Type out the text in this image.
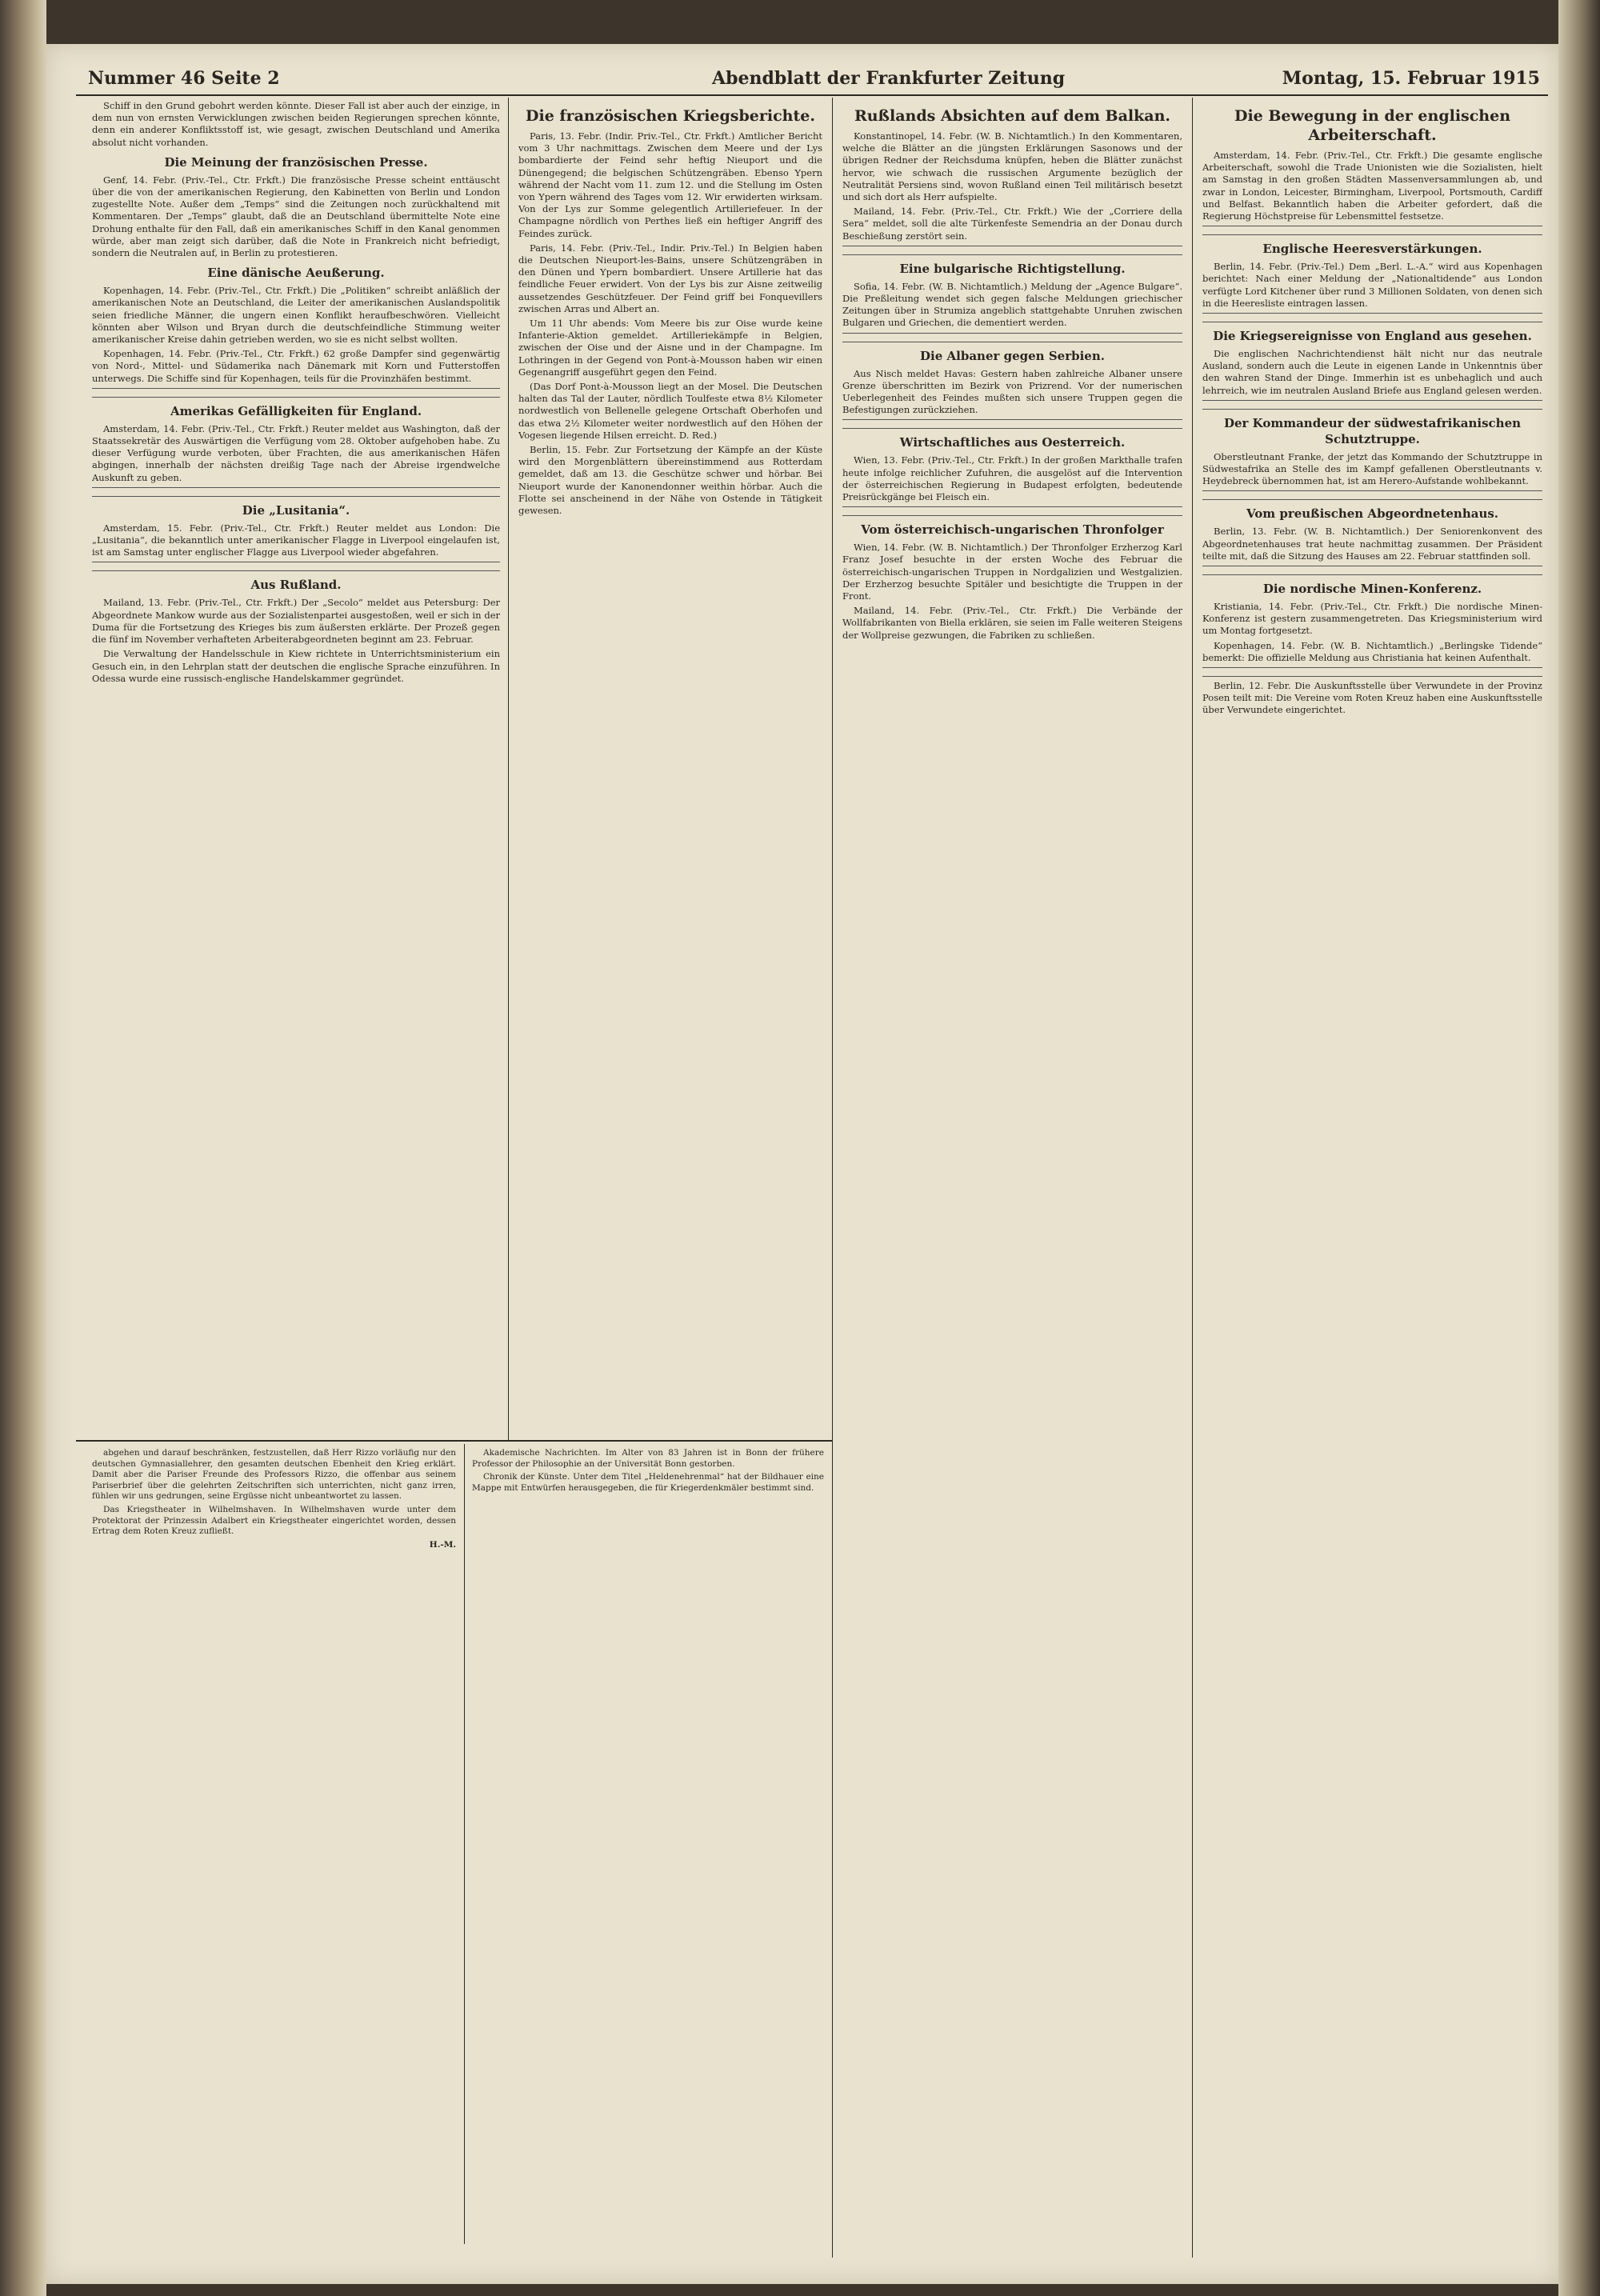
Nummer 46 Seite 2	Abendblatt der Frankfurter Zeitung	Montag, 15. Februar 1915

Schiff in den Grund gebohrt werden könnte. Dieser Fall ist aber auch der einzige, in dem nun von ernsten Verwicklungen zwischen beiden Regierungen sprechen könnte, denn ein anderer Konfliktsstoff ist, wie gesagt, zwischen Deutschland und Amerika absolut nicht vorhanden.

Die Meinung der französischen Presse.

Genf, 14. Febr. (Priv.-Tel., Ctr. Frkft.) Die französische Presse scheint enttäuscht über die von der amerikanischen Regierung, den Kabinetten von Berlin und London zugestellte Note. Außer dem „Temps“ sind die Zeitungen noch zurückhaltend mit Kommentaren. Der „Temps“ glaubt, daß die an Deutschland übermittelte Note eine Drohung enthalte für den Fall, daß ein amerikanisches Schiff in den Kanal genommen würde, aber man zeigt sich darüber, daß die Note in Frankreich nicht befriedigt, sondern die Neutralen auf, in Berlin zu protestieren.

Eine dänische Aeußerung.

Kopenhagen, 14. Febr. (Priv.-Tel., Ctr. Frkft.) Die „Politiken“ schreibt anläßlich der amerikanischen Note an Deutschland, die Leiter der amerikanischen Auslandspolitik seien friedliche Männer, die ungern einen Konflikt heraufbeschwören. Vielleicht könnten aber Wilson und Bryan durch die deutschfeindliche Stimmung weiter amerikanischer Kreise dahin getrieben werden, wo sie es nicht selbst wollten.

Kopenhagen, 14. Febr. (Priv.-Tel., Ctr. Frkft.) 62 große Dampfer sind gegenwärtig von Nord-, Mittel- und Südamerika nach Dänemark mit Korn und Futterstoffen unterwegs. Die Schiffe sind für Kopenhagen, teils für die Provinzhäfen bestimmt.

Amerikas Gefälligkeiten für England.

Amsterdam, 14. Febr. (Priv.-Tel., Ctr. Frkft.) Reuter meldet aus Washington, daß der Staatssekretär des Auswärtigen die Verfügung vom 28. Oktober aufgehoben habe. Zu dieser Verfügung wurde verboten, über Frachten, die aus amerikanischen Häfen abgingen, innerhalb der nächsten dreißig Tage nach der Abreise irgendwelche Auskunft zu geben.

Die „Lusitania“.

Amsterdam, 15. Febr. (Priv.-Tel., Ctr. Frkft.) Reuter meldet aus London: Die „Lusitania“, die bekanntlich unter amerikanischer Flagge in Liverpool eingelaufen ist, ist am Samstag unter englischer Flagge aus Liverpool wieder abgefahren.

Aus Rußland.

Mailand, 13. Febr. (Priv.-Tel., Ctr. Frkft.) Der „Secolo“ meldet aus Petersburg: Der Abgeordnete Mankow wurde aus der Sozialistenpartei ausgestoßen, weil er sich in der Duma für die Fortsetzung des Krieges bis zum äußersten erklärte. Der Prozeß gegen die fünf im November verhafteten Arbeiterabgeordneten beginnt am 23. Februar.

Die Verwaltung der Handelsschule in Kiew richtete in Unterrichtsministerium ein Gesuch ein, in den Lehrplan statt der deutschen die englische Sprache einzuführen. In Odessa wurde eine russisch-englische Handelskammer gegründet.

Die französischen Kriegsberichte.

Paris, 13. Febr. (Indir. Priv.-Tel., Ctr. Frkft.) Amtlicher Bericht vom 3 Uhr nachmittags. Zwischen dem Meere und der Lys bombardierte der Feind sehr heftig Nieuport und die Dünengegend; die belgischen Schützengräben. Ebenso Ypern während der Nacht vom 11. zum 12. und die Stellung im Osten von Ypern während des Tages vom 12. Wir erwiderten wirksam. Von der Lys zur Somme gelegentlich Artilleriefeuer. In der Champagne nördlich von Perthes ließ ein heftiger Angriff des Feindes zurück.

Paris, 14. Febr. (Priv.-Tel., Indir. Priv.-Tel.) In Belgien haben die Deutschen Nieuport-les-Bains, unsere Schützengräben in den Dünen und Ypern bombardiert. Unsere Artillerie hat das feindliche Feuer erwidert. Von der Lys bis zur Aisne zeitweilig aussetzendes Geschützfeuer. Der Feind griff bei Fonquevillers zwischen Arras und Albert an.

Um 11 Uhr abends: Vom Meere bis zur Oise wurde keine Infanterie-Aktion gemeldet. Artilleriekämpfe in Belgien, zwischen der Oise und der Aisne und in der Champagne. Im Lothringen in der Gegend von Pont-à-Mousson haben wir einen Gegenangriff ausgeführt gegen den Feind.

(Das Dorf Pont-à-Mousson liegt an der Mosel. Die Deutschen halten das Tal der Lauter, nördlich Toulfeste etwa 8½ Kilometer nordwestlich von Bellenelle gelegene Ortschaft Oberhofen und das etwa 2½ Kilometer weiter nordwestlich auf den Höhen der Vogesen liegende Hilsen erreicht. D. Red.)

Berlin, 15. Febr. Zur Fortsetzung der Kämpfe an der Küste wird den Morgenblättern übereinstimmend aus Rotterdam gemeldet, daß am 13. die Geschütze schwer und hörbar. Bei Nieuport wurde der Kanonendonner weithin hörbar. Auch die Flotte sei anscheinend in der Nähe von Ostende in Tätigkeit gewesen.

Rußlands Absichten auf dem Balkan.

Konstantinopel, 14. Febr. (W. B. Nichtamtlich.) In den Kommentaren, welche die Blätter an die jüngsten Erklärungen Sasonows und der übrigen Redner der Reichsduma knüpfen, heben die Blätter zunächst hervor, wie schwach die russischen Argumente bezüglich der Neutralität Persiens sind, wovon Rußland einen Teil militärisch besetzt und sich dort als Herr aufspielte.

Mailand, 14. Febr. (Priv.-Tel., Ctr. Frkft.) Wie der „Corriere della Sera“ meldet, soll die alte Türkenfeste Semendria an der Donau durch Beschießung zerstört sein.

Eine bulgarische Richtigstellung.

Sofia, 14. Febr. (W. B. Nichtamtlich.) Meldung der „Agence Bulgare“. Die Preßleitung wendet sich gegen falsche Meldungen griechischer Zeitungen über in Strumiza angeblich stattgehabte Unruhen zwischen Bulgaren und Griechen, die dementiert werden.

Die Albaner gegen Serbien.

Aus Nisch meldet Havas: Gestern haben zahlreiche Albaner unsere Grenze überschritten im Bezirk von Prizrend. Vor der numerischen Ueberlegenheit des Feindes mußten sich unsere Truppen gegen die Befestigungen zurückziehen.

Wirtschaftliches aus Oesterreich.

Wien, 13. Febr. (Priv.-Tel., Ctr. Frkft.) In der großen Markthalle trafen heute infolge reichlicher Zufuhren, die ausgelöst auf die Intervention der österreichischen Regierung in Budapest erfolgten, bedeutende Preisrückgänge bei Fleisch ein.

Vom österreichisch-ungarischen Thronfolger

Wien, 14. Febr. (W. B. Nichtamtlich.) Der Thronfolger Erzherzog Karl Franz Josef besuchte in der ersten Woche des Februar die österreichisch-ungarischen Truppen in Nordgalizien und Westgalizien. Der Erzherzog besuchte Spitäler und besichtigte die Truppen in der Front.

Mailand, 14. Febr. (Priv.-Tel., Ctr. Frkft.) Die Verbände der Wollfabrikanten von Biella erklären, sie seien im Falle weiteren Steigens der Wollpreise gezwungen, die Fabriken zu schließen.

Die Bewegung in der englischen Arbeiterschaft.

Amsterdam, 14. Febr. (Priv.-Tel., Ctr. Frkft.) Die gesamte englische Arbeiterschaft, sowohl die Trade Unionisten wie die Sozialisten, hielt am Samstag in den großen Städten Massenversammlungen ab, und zwar in London, Leicester, Birmingham, Liverpool, Portsmouth, Cardiff und Belfast. Bekanntlich haben die Arbeiter gefordert, daß die Regierung Höchstpreise für Lebensmittel festsetze.

Englische Heeresverstärkungen.

Berlin, 14. Febr. (Priv.-Tel.) Dem „Berl. L.-A.“ wird aus Kopenhagen berichtet: Nach einer Meldung der „Nationaltidende“ aus London verfügte Lord Kitchener über rund 3 Millionen Soldaten, von denen sich in die Heeresliste eintragen lassen.

Die Kriegsereignisse von England aus gesehen.

Die englischen Nachrichtendienst hält nicht nur das neutrale Ausland, sondern auch die Leute in eigenen Lande in Unkenntnis über den wahren Stand der Dinge. Immerhin ist es unbehaglich und auch lehrreich, wie im neutralen Ausland Briefe aus England gelesen werden.

Der Kommandeur der südwestafrikanischen Schutztruppe.

Oberstleutnant Franke, der jetzt das Kommando der Schutztruppe in Südwestafrika an Stelle des im Kampf gefallenen Oberstleutnants v. Heydebreck übernommen hat, ist am Herero-Aufstande wohlbekannt.

Vom preußischen Abgeordnetenhaus.

Berlin, 13. Febr. (W. B. Nichtamtlich.) Der Seniorenkonvent des Abgeordnetenhauses trat heute nachmittag zusammen. Der Präsident teilte mit, daß die Sitzung des Hauses am 22. Februar stattfinden soll.

Die nordische Minen-Konferenz.

Kristiania, 14. Febr. (Priv.-Tel., Ctr. Frkft.) Die nordische Minen-Konferenz ist gestern zusammengetreten. Das Kriegsministerium wird um Montag fortgesetzt.

Kopenhagen, 14. Febr. (W. B. Nichtamtlich.) „Berlingske Tidende“ bemerkt: Die offizielle Meldung aus Christiania hat keinen Aufenthalt.

Berlin, 12. Febr. Die Auskunftsstelle über Verwundete in der Provinz Posen teilt mit: Die Vereine vom Roten Kreuz haben eine Auskunftsstelle über Verwundete eingerichtet.

abgehen und darauf beschränken, festzustellen, daß Herr Rizzo vorläufig nur den deutschen Gymnasiallehrer, den gesamten deutschen Ebenheit den Krieg erklärt. Damit aber die Pariser Freunde des Professors Rizzo, die offenbar aus seinem Pariserbrief über die gelehrten Zeitschriften sich unterrichten, nicht ganz irren, fühlen wir uns gedrungen, seine Ergüsse nicht unbeantwortet zu lassen.

Das Kriegstheater in Wilhelmshaven. In Wilhelmshaven wurde unter dem Protektorat der Prinzessin Adalbert ein Kriegstheater eingerichtet worden, dessen Ertrag dem Roten Kreuz zufließt.

H.-M.

Akademische Nachrichten. Im Alter von 83 Jahren ist in Bonn der frühere Professor der Philosophie an der Universität Bonn gestorben.

Chronik der Künste. Unter dem Titel „Heldenehrenmal“ hat der Bildhauer eine Mappe mit Entwürfen herausgegeben, die für Kriegerdenkmäler bestimmt sind.
